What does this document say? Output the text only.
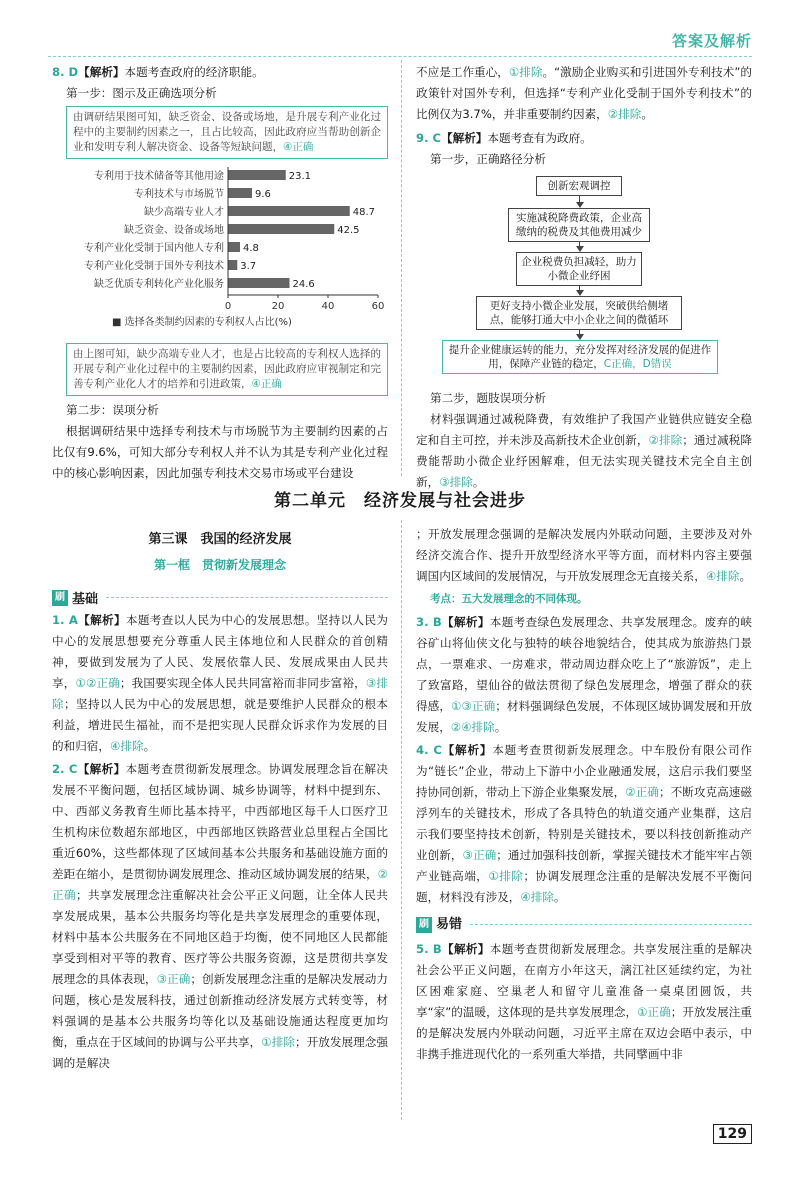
答案及解析

8. D【解析】本题考查政府的经济职能。

第一步：图示及正确选项分析

由调研结果图可知，缺乏资金、设备或场地，是升展专利产业化过程中的主要制约因素之一，且占比较高，因此政府应当帮助创新企业和发明专利人解决资金、设备等短缺问题，④正确
专利用于技术储备等其他用途	23.1
专利技术与市场脱节	9.6
缺少高端专业人才	48.7
缺乏资金、设备或场地	42.5
专利产业化受制于国内他人专利 4.8
专利产业化受制于国外专利技术 3.7
缺乏优质专利转化产业化服务	24.6
0	20	40	60
■ 选择各类制约因素的专利权人占比(%)
由上图可知，缺少高端专业人才，也是占比较高的专利权人选择的开展专利产业化过程中的主要制约因素，因此政府应审视制定和完善专利产业化人才的培养和引进政策，④正确

第二步：误项分析

根据调研结果中选择专利技术与市场脱节为主要制约因素的占比仅有9.6%，可知大部分专利权人并不认为其是专利产业化过程中的核心影响因素，因此加强专利技术交易市场或平台建设

不应是工作重心，①排除。“激励企业购买和引进国外专利技术”的政策针对国外专利，但选择“专利产业化受制于国外专利技术”的比例仅为3.7%，并非重要制约因素，②排除。

9. C【解析】本题考查有为政府。

第一步，正确路径分析

创新宏观调控
实施减税降费政策，企业高缴纳的税费及其他费用减少
企业税费负担减轻，助力小微企业纾困
更好支持小微企业发展，突破供给侧堵点，能够打通大中小企业之间的微循环
提升企业健康运转的能力，充分发挥对经济发展的促进作用，保障产业链的稳定，C正确，D错误

第二步，题肢误项分析

材料强调通过减税降费，有效维护了我国产业链供应链安全稳定和自主可控，并未涉及高新技术企业创新，②排除；通过减税降费能帮助小微企业纾困解难，但无法实现关键技术完全自主创新，③排除。

第二单元　经济发展与社会进步
第三课　我国的经济发展
第一框　贯彻新发展理念
刷 基础

1. A【解析】本题考查以人民为中心的发展思想。坚持以人民为中心的发展思想要充分尊重人民主体地位和人民群众的首创精神，要做到发展为了人民、发展依靠人民、发展成果由人民共享，①②正确；我国要实现全体人民共同富裕而非同步富裕，③排除；坚持以人民为中心的发展思想，就是要维护人民群众的根本利益，增进民生福祉，而不是把实现人民群众诉求作为发展的目的和归宿，④排除。

2. C【解析】本题考查贯彻新发展理念。协调发展理念旨在解决发展不平衡问题，包括区域协调、城乡协调等，材料中提到东、中、西部义务教育生师比基本持平，中西部地区每千人口医疗卫生机构床位数超东部地区，中西部地区铁路营业总里程占全国比重近60%，这些都体现了区域间基本公共服务和基础设施方面的差距在缩小，是贯彻协调发展理念、推动区域协调发展的结果，②正确；共享发展理念注重解决社会公平正义问题，让全体人民共享发展成果，基本公共服务均等化是共享发展理念的重要体现，材料中基本公共服务在不同地区趋于均衡，使不同地区人民都能享受到相对平等的教育、医疗等公共服务资源，这是贯彻共享发展理念的具体表现，③正确；创新发展理念注重的是解决发展动力问题，核心是发展科技，通过创新推动经济发展方式转变等，材料强调的是基本公共服务均等化以及基础设施通达程度更加均衡，重点在于区域间的协调与公平共享，①排除；开放发展理念强调的是解决

；开放发展理念强调的是解决发展内外联动问题，主要涉及对外经济交流合作、提升开放型经济水平等方面，而材料内容主要强调国内区域间的发展情况，与开放发展理念无直接关系，④排除。

考点：五大发展理念的不同体现。

3. B【解析】本题考查绿色发展理念、共享发展理念。废弃的峡谷矿山将仙侠文化与独特的峡谷地貌结合，使其成为旅游热门景点，一票难求、一房难求，带动周边群众吃上了“旅游饭”，走上了致富路，望仙谷的做法贯彻了绿色发展理念，增强了群众的获得感，①③正确；材料强调绿色发展，不体现区域协调发展和开放发展，②④排除。

4. C【解析】本题考查贯彻新发展理念。中车股份有限公司作为“链长”企业，带动上下游中小企业融通发展，这启示我们要坚持协同创新，带动上下游企业集聚发展，②正确；不断攻克高速磁浮列车的关键技术，形成了各具特色的轨道交通产业集群，这启示我们要坚持技术创新，特别是关键技术，要以科技创新推动产业创新，③正确；通过加强科技创新，掌握关键技术才能牢牢占领产业链高端，①排除；协调发展理念注重的是解决发展不平衡问题，材料没有涉及，④排除。

刷 易错

5. B【解析】本题考查贯彻新发展理念。共享发展注重的是解决社会公平正义问题，在南方小年这天，漓江社区延续约定，为社区困难家庭、空巢老人和留守儿童准备一桌桌团圆饭，共享“家”的温暖，这体现的是共享发展理念，①正确；开放发展注重的是解决发展内外联动问题，习近平主席在双边会晤中表示，中非携手推进现代化的一系列重大举措，共同擘画中非

129
